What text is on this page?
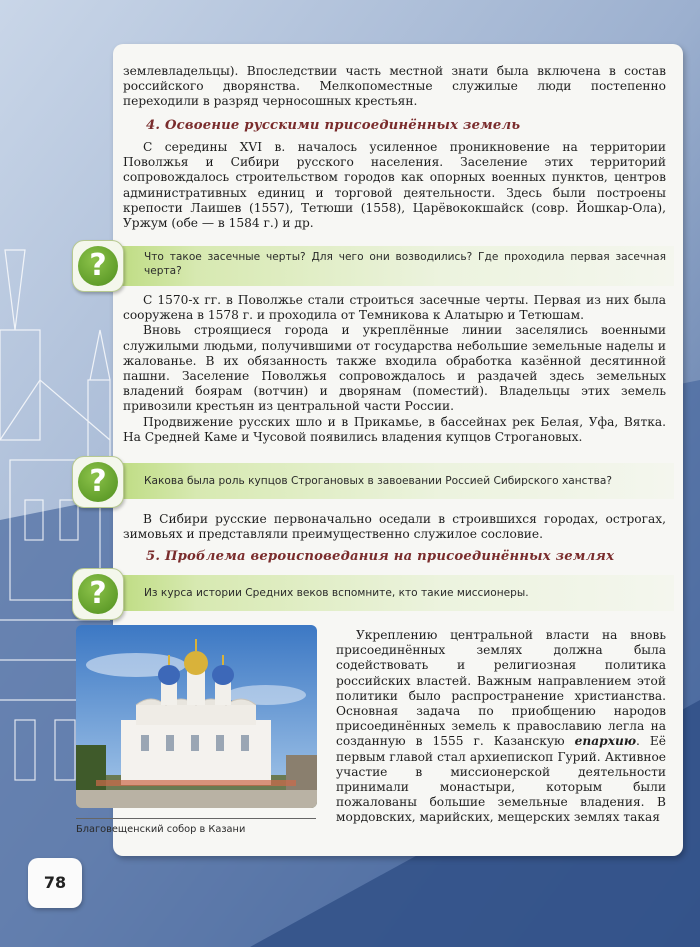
землевладельцы). Впоследствии часть местной знати была включена в состав российского дворянства. Мелкопоместные служилые люди постепенно переходили в разряд черносошных крестьян.

4. Освоение русскими присоединённых земель

С середины XVI в. началось усиленное проникновение на территории Поволжья и Сибири русского населения. Заселение этих территорий сопровождалось строительством городов как опорных военных пунктов, центров административных единиц и торговой деятельности. Здесь были построены крепости Лаишев (1557), Тетюши (1558), Царёвококшайск (совр. Йошкар-Ола), Уржум (обе — в 1584 г.) и др.

?	Что такое засечные черты? Для чего они возводились? Где проходила первая засечная черта?

С 1570-х гг. в Поволжье стали строиться засечные черты. Первая из них была сооружена в 1578 г. и проходила от Темникова к Алатырю и Тетюшам.

Вновь строящиеся города и укреплённые линии заселялись военными служилыми людьми, получившими от государства небольшие земельные наделы и жалованье. В их обязанность также входила обработка казённой десятинной пашни. Заселение Поволжья сопровождалось и раздачей здесь земельных владений боярам (вотчин) и дворянам (поместий). Владельцы этих земель привозили крестьян из центральной части России.

Продвижение русских шло и в Прикамье, в бассейнах рек Белая, Уфа, Вятка. На Средней Каме и Чусовой появились владения купцов Строгановых.

?	Какова была роль купцов Строгановых в завоевании Россией Сибирского ханства?

В Сибири русские первоначально оседали в строившихся городах, острогах, зимовьях и представляли преимущественно служилое сословие.

5. Проблема вероисповедания на присоединённых землях
?	Из курса истории Средних веков вспомните, кто такие миссионеры.
Благовещенский собор в Казани

Укреплению центральной власти на вновь присоединённых землях должна была содействовать и религиозная политика российских властей. Важным направлением этой политики было распространение христианства. Основная задача по приобщению народов присоединённых земель к православию легла на созданную в 1555 г. Казанскую епархию. Её первым главой стал архиепископ Гурий. Активное участие в миссионерской деятельности принимали монастыри, которым были пожалованы большие земельные владения. В мордовских, марийских, мещерских землях такая

78
